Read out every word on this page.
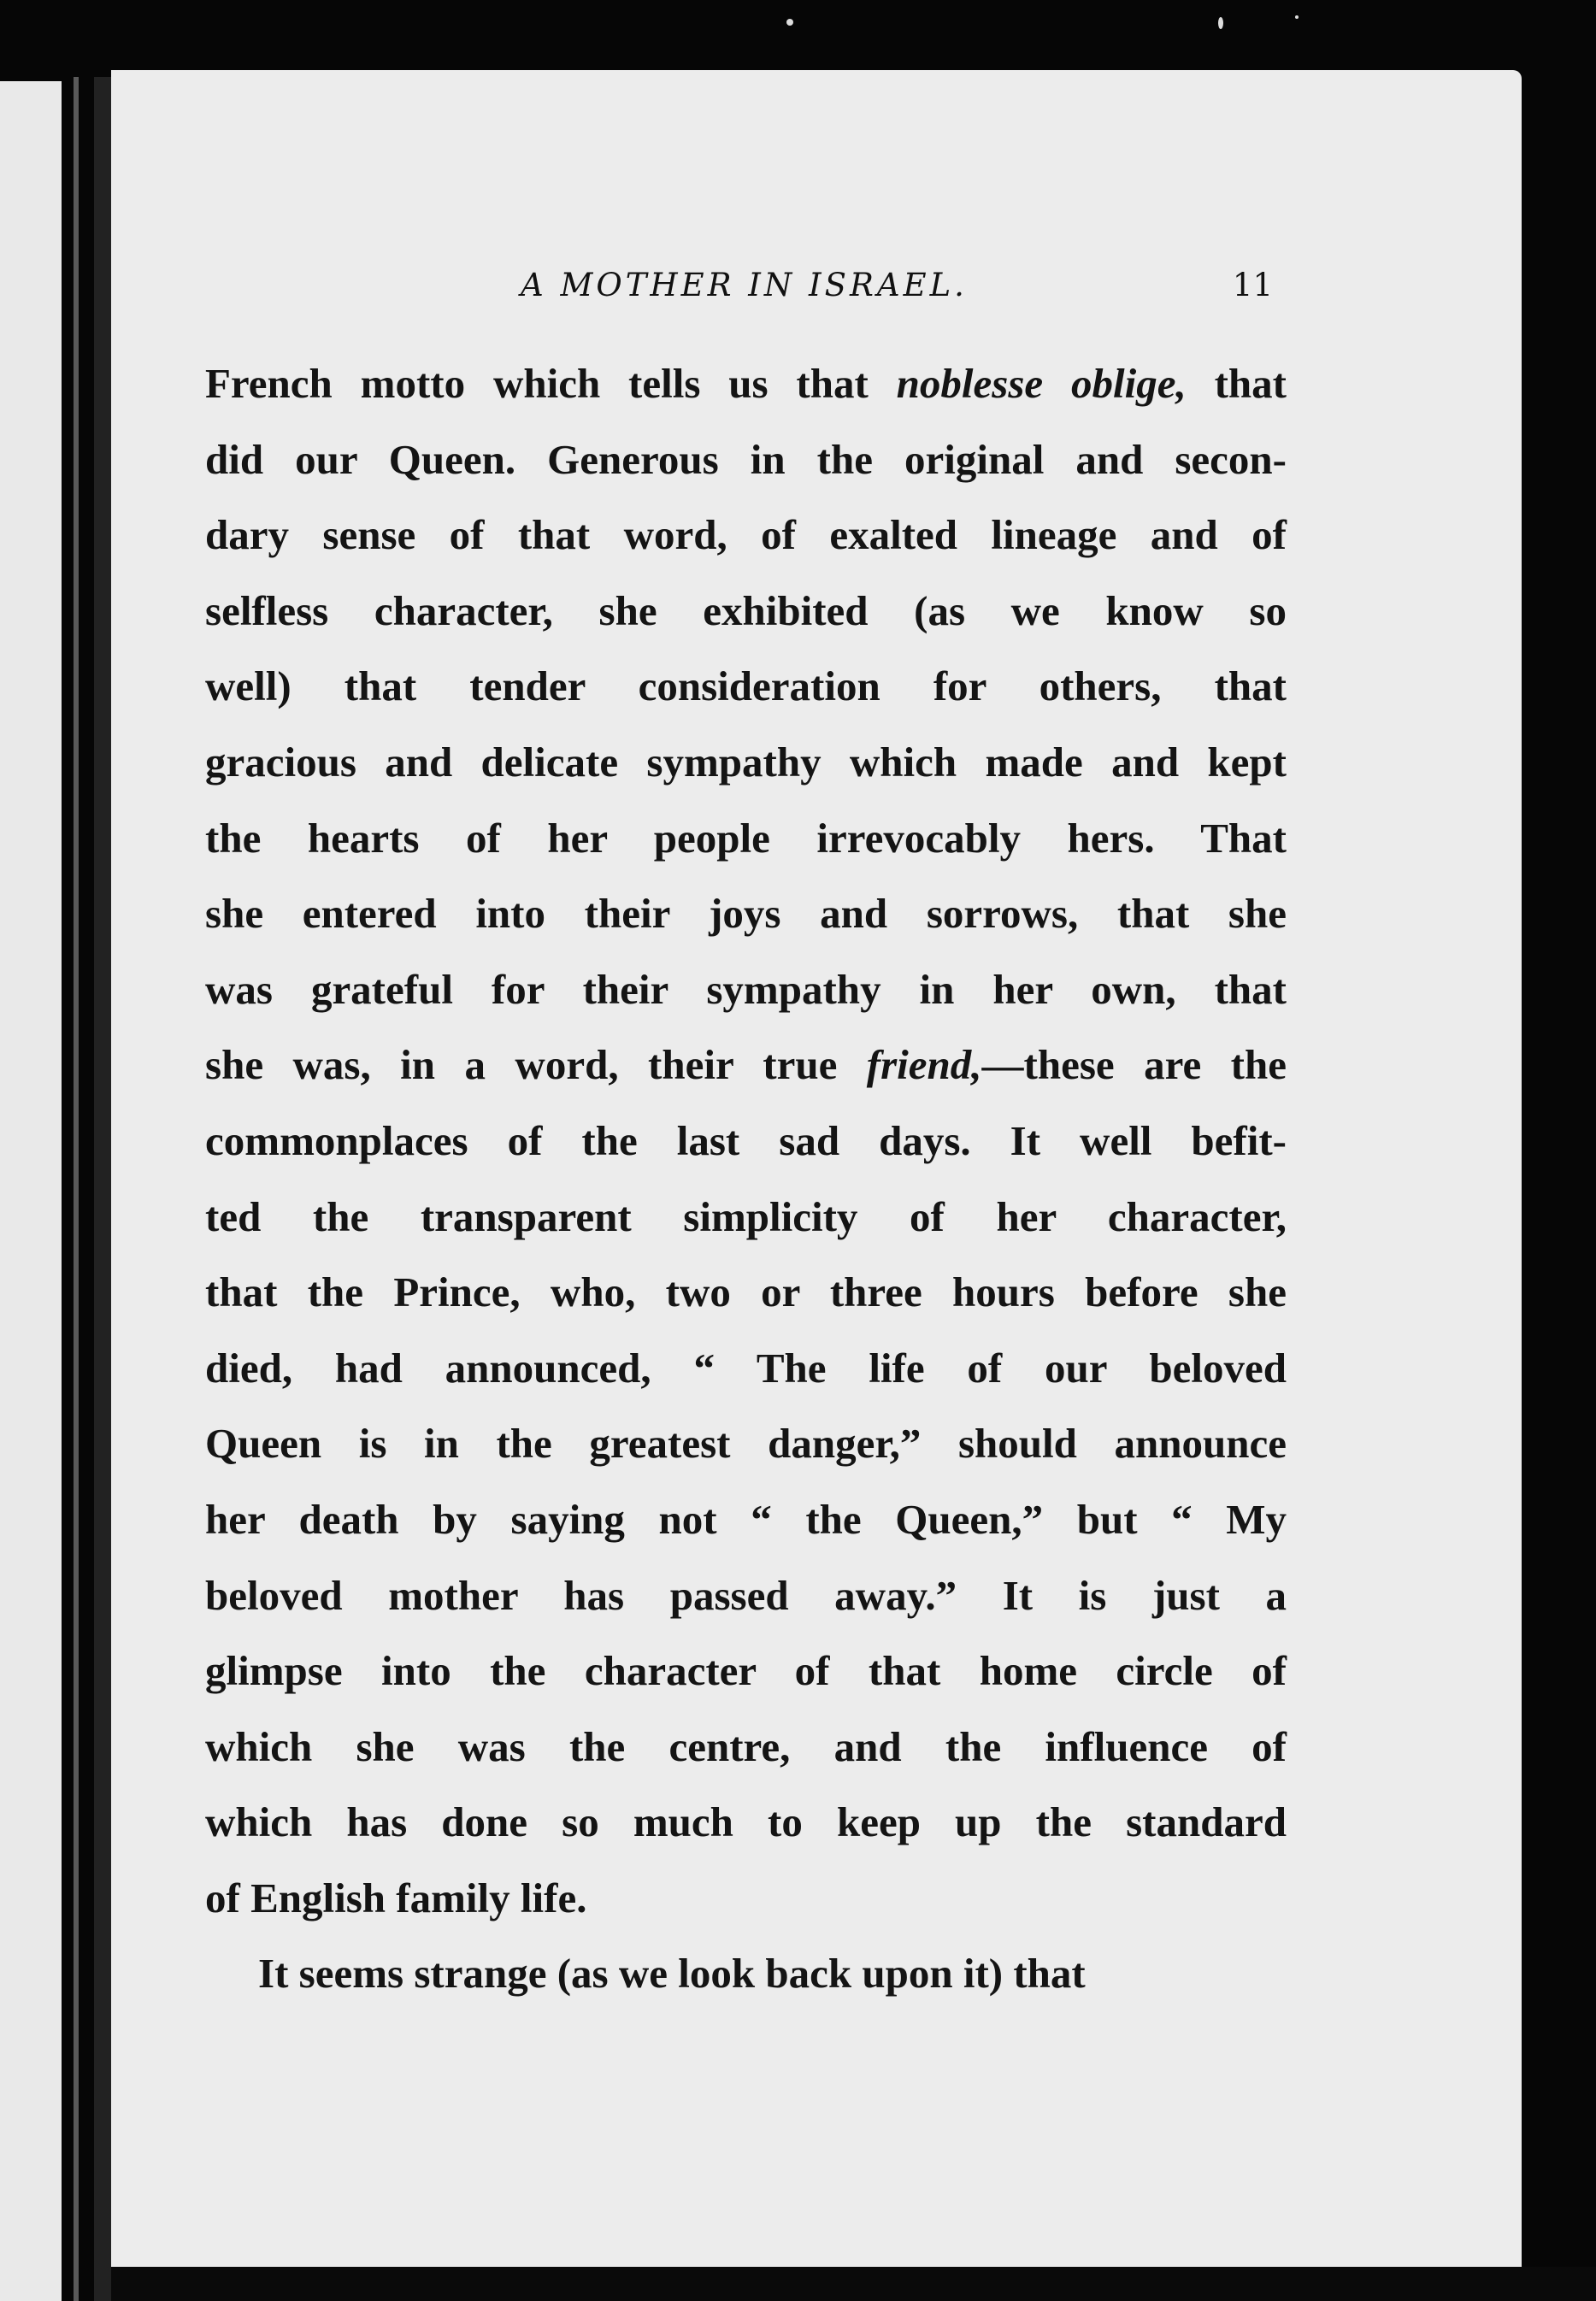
A MOTHER IN ISRAEL.	11
French motto which tells us that noblesse oblige, that
did our Queen. Generous in the original and secon-
dary sense of that word, of exalted lineage and of
selfless character, she exhibited (as we know so
well) that tender consideration for others, that
gracious and delicate sympathy which made and kept
the hearts of her people irrevocably hers. That
she entered into their joys and sorrows, that she
was grateful for their sympathy in her own, that
she was, in a word, their true friend,—these are the
commonplaces of the last sad days. It well befit-
ted the transparent simplicity of her character,
that the Prince, who, two or three hours before she
died, had announced, “ The life of our beloved
Queen is in the greatest danger,” should announce
her death by saying not “ the Queen,” but “ My
beloved mother has passed away.” It is just a
glimpse into the character of that home circle of
which she was the centre, and the influence of
which has done so much to keep up the standard
of English family life.
It seems strange (as we look back upon it) that
